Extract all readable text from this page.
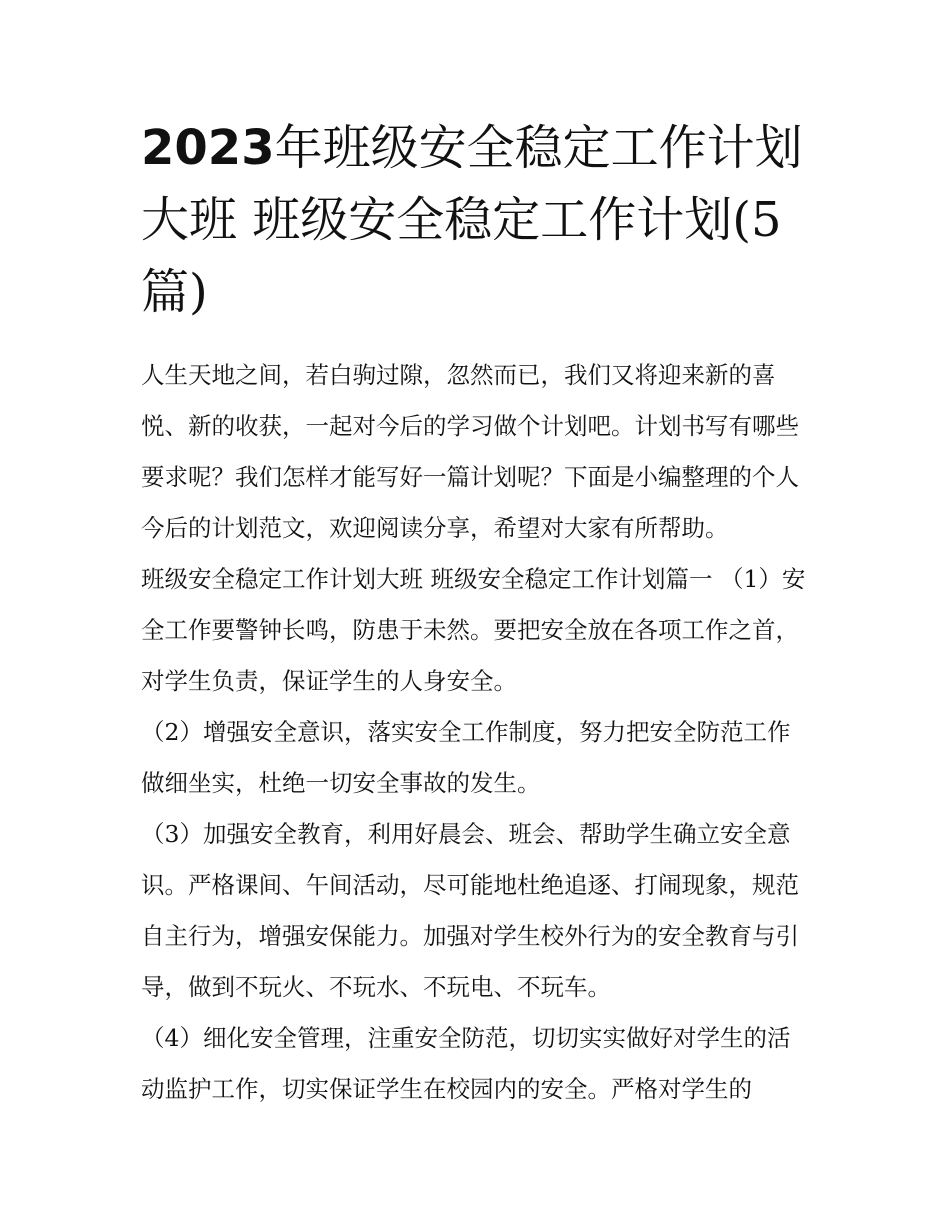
2023年班级安全稳定工作计划大班 班级安全稳定工作计划(5篇)

人生天地之间，若白驹过隙，忽然而已，我们又将迎来新的喜悦、新的收获，一起对今后的学习做个计划吧。计划书写有哪些要求呢？我们怎样才能写好一篇计划呢？下面是小编整理的个人今后的计划范文，欢迎阅读分享，希望对大家有所帮助。

班级安全稳定工作计划大班 班级安全稳定工作计划篇一 （1）安全工作要警钟长鸣，防患于未然。要把安全放在各项工作之首，对学生负责，保证学生的人身安全。

（2）增强安全意识，落实安全工作制度，努力把安全防范工作做细坐实，杜绝一切安全事故的发生。

（3）加强安全教育，利用好晨会、班会、帮助学生确立安全意识。严格课间、午间活动，尽可能地杜绝追逐、打闹现象，规范自主行为，增强安保能力。加强对学生校外行为的安全教育与引导，做到不玩火、不玩水、不玩电、不玩车。

（4）细化安全管理，注重安全防范，切切实实做好对学生的活动监护工作，切实保证学生在校园内的安全。严格对学生的
